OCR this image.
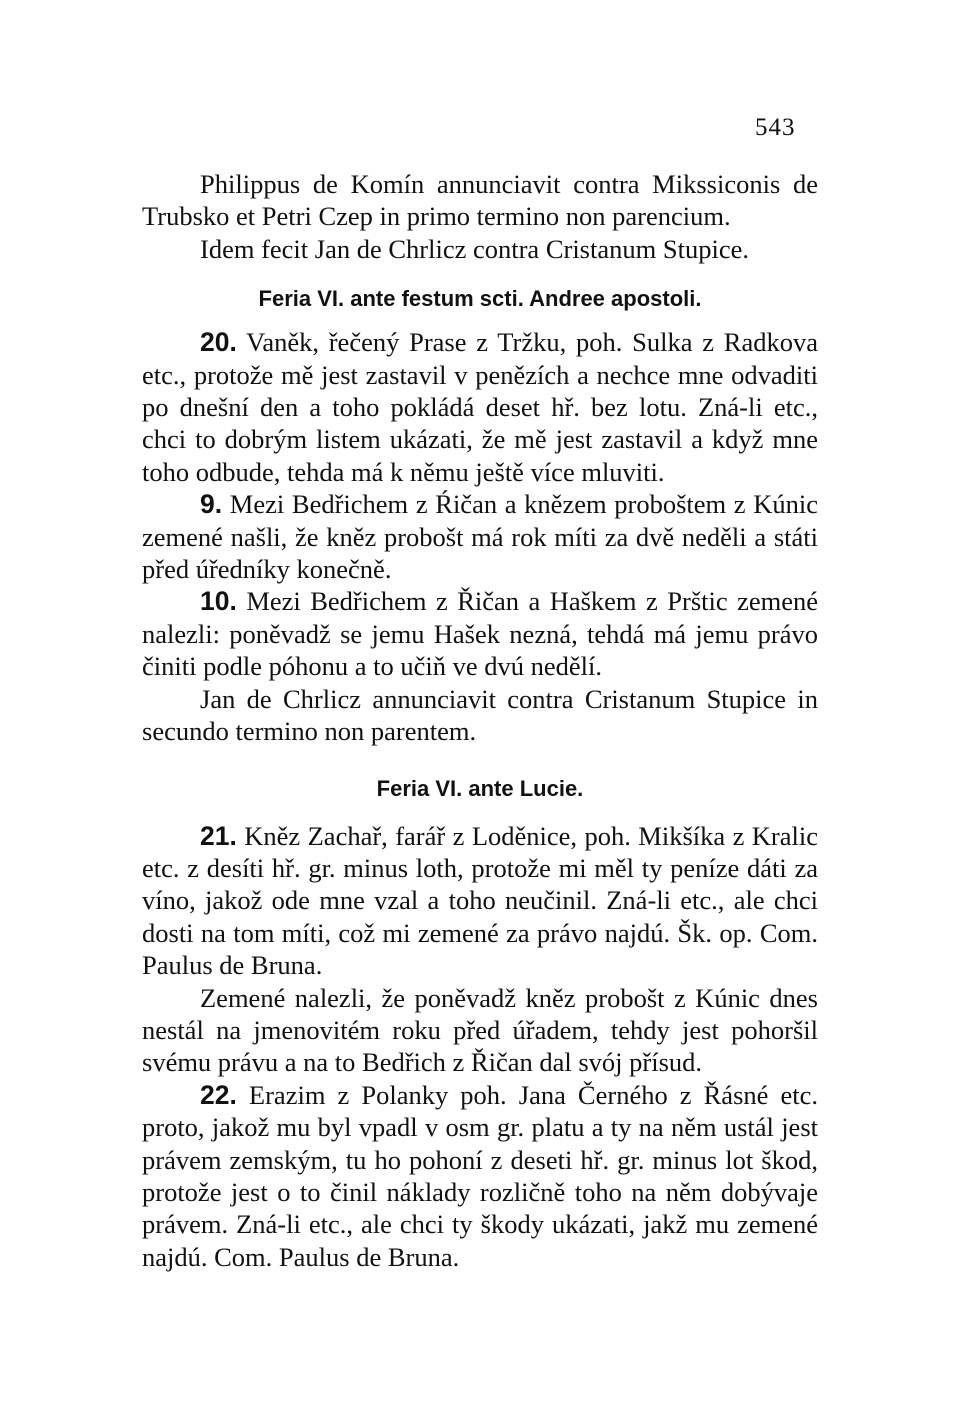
543

Philippus de Komín annunciavit contra Mikssiconis de Trubsko et Petri Czep in primo termino non parencium.

Idem fecit Jan de Chrlicz contra Cristanum Stupice.

Feria VI. ante festum scti. Andree apostoli.

20. Vaněk, řečený Prase z Tržku, poh. Sulka z Radkova etc., protože mě jest zastavil v penězích a nechce mne odvaditi po dnešní den a toho pokládá deset hř. bez lotu. Zná-li etc., chci to dobrým listem ukázati, že mě jest zastavil a když mne toho odbude, tehda má k němu ještě více mluviti.

9. Mezi Bedřichem z Ŕičan a knězem proboštem z Kúnic zemené našli, že kněz probošt má rok míti za dvě neděli a státi před úředníky konečně.

10. Mezi Bedřichem z Řičan a Haškem z Prštic zemené nalezli: poněvadž se jemu Hašek nezná, tehdá má jemu právo činiti podle póhonu a to učiň ve dvú nedělí.

Jan de Chrlicz annunciavit contra Cristanum Stupice in secundo termino non parentem.

Feria VI. ante Lucie.

21. Kněz Zachař, farář z Loděnice, poh. Mikšíka z Kralic etc. z desíti hř. gr. minus loth, protože mi měl ty peníze dáti za víno, jakož ode mne vzal a toho neučinil. Zná-li etc., ale chci dosti na tom míti, což mi zemené za právo najdú. Šk. op. Com. Paulus de Bruna.

Zemené nalezli, že poněvadž kněz probošt z Kúnic dnes nestál na jmenovitém roku před úřadem, tehdy jest pohoršil svému právu a na to Bedřich z Řičan dal svój přísud.

22. Erazim z Polanky poh. Jana Černého z Řásné etc. proto, jakož mu byl vpadl v osm gr. platu a ty na něm ustál jest právem zemským, tu ho pohoní z deseti hř. gr. minus lot škod, protože jest o to činil náklady rozličně toho na něm dobývaje právem. Zná-li etc., ale chci ty škody ukázati, jakž mu zemené najdú. Com. Paulus de Bruna.
